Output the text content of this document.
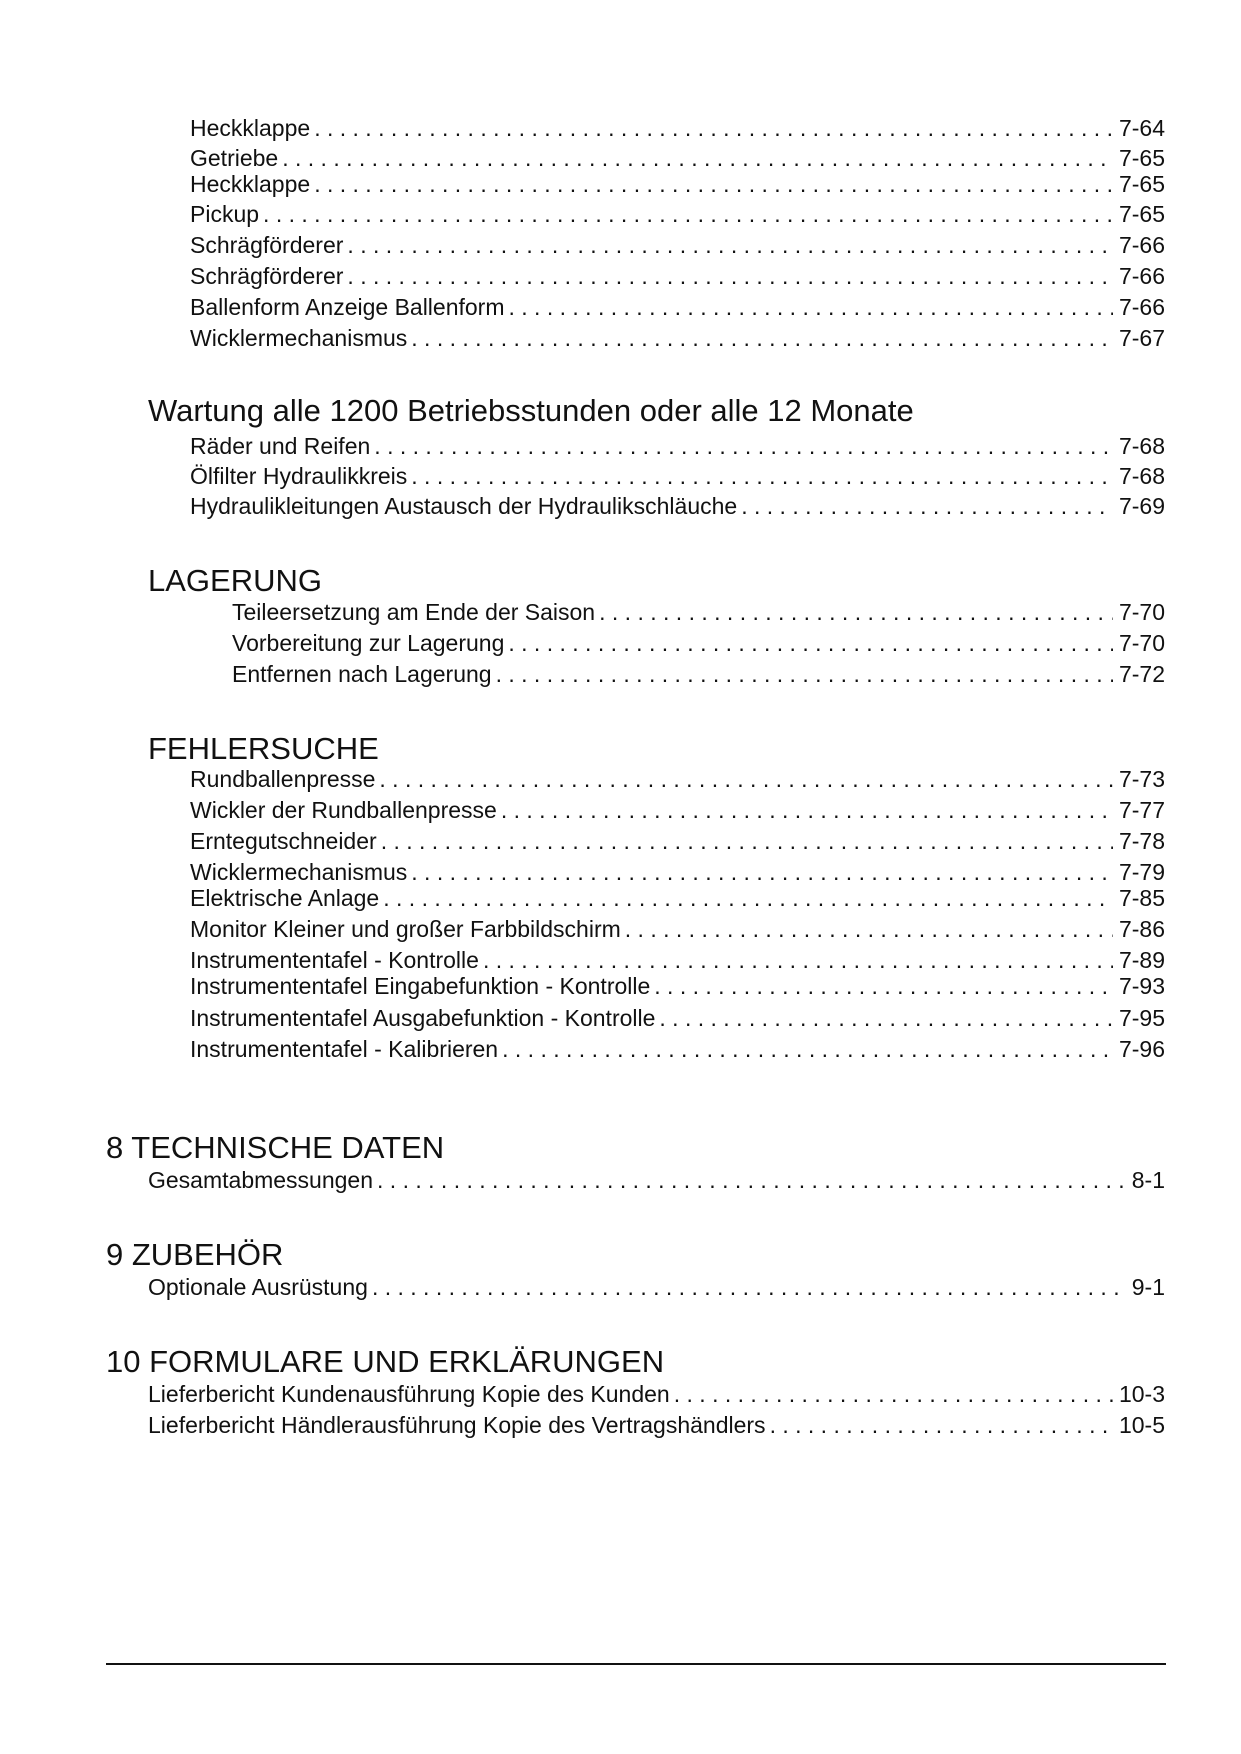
Heckklappe . . .	7-64
Getriebe . . .	7-65
Heckklappe . . .	7-65
Pickup . . .	7-65
Schrägförderer . . .	7-66
Schrägförderer . . .	7-66
Ballenform Anzeige Ballenform . . .	7-66
Wicklermechanismus . . .	7-67
Wartung alle 1200 Betriebsstunden oder alle 12 Monate
Räder und Reifen . . .	7-68
Ölfilter Hydraulikkreis . . .	7-68
Hydraulikleitungen Austausch der Hydraulikschläuche . . .	7-69
LAGERUNG
Teileersetzung am Ende der Saison . . .	7-70
Vorbereitung zur Lagerung . . .	7-70
Entfernen nach Lagerung . . .	7-72
FEHLERSUCHE
Rundballenpresse . . .	7-73
Wickler der Rundballenpresse . . .	7-77
Erntegutschneider . . .	7-78
Wicklermechanismus . . .	7-79
Elektrische Anlage . . .	7-85
Monitor Kleiner und großer Farbbildschirm . . .	7-86
Instrumententafel - Kontrolle . . .	7-89
Instrumententafel Eingabefunktion - Kontrolle . . .	7-93
Instrumententafel Ausgabefunktion - Kontrolle . . .	7-95
Instrumententafel - Kalibrieren . . .	7-96
8 TECHNISCHE DATEN
Gesamtabmessungen . . .	8-1
9 ZUBEHÖR
Optionale Ausrüstung . . .	9-1
10 FORMULARE UND ERKLÄRUNGEN
Lieferbericht Kundenausführung Kopie des Kunden . . .	10-3
Lieferbericht Händlerausführung Kopie des Vertragshändlers . . .	10-5
